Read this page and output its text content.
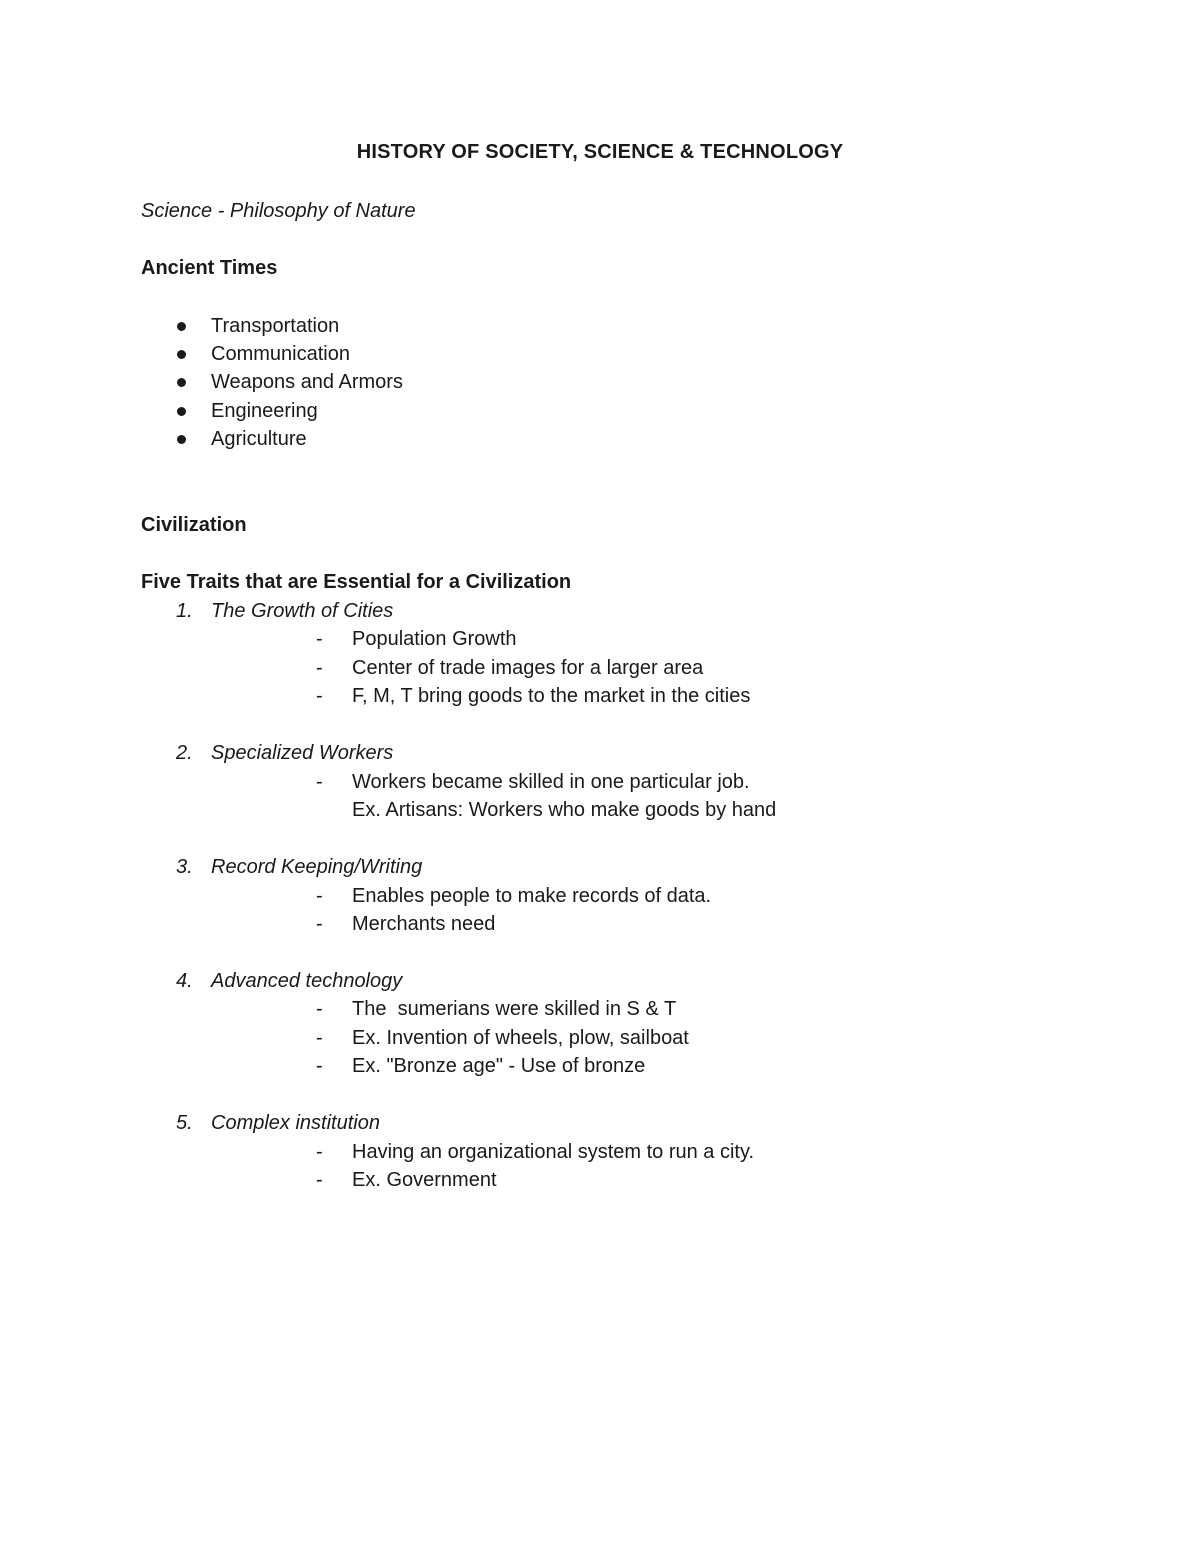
HISTORY OF SOCIETY, SCIENCE & TECHNOLOGY
Science - Philosophy of Nature
Ancient Times
Transportation
Communication
Weapons and Armors
Engineering
Agriculture
Civilization
Five Traits that are Essential for a Civilization
1. The Growth of Cities
- Population Growth
- Center of trade images for a larger area
- F, M, T bring goods to the market in the cities
2. Specialized Workers
- Workers became skilled in one particular job.
Ex. Artisans: Workers who make goods by hand
3. Record Keeping/Writing
- Enables people to make records of data.
- Merchants need
4. Advanced technology
- The  sumerians were skilled in S & T
- Ex. Invention of wheels, plow, sailboat
- Ex. "Bronze age" - Use of bronze
5. Complex institution
- Having an organizational system to run a city.
- Ex. Government
